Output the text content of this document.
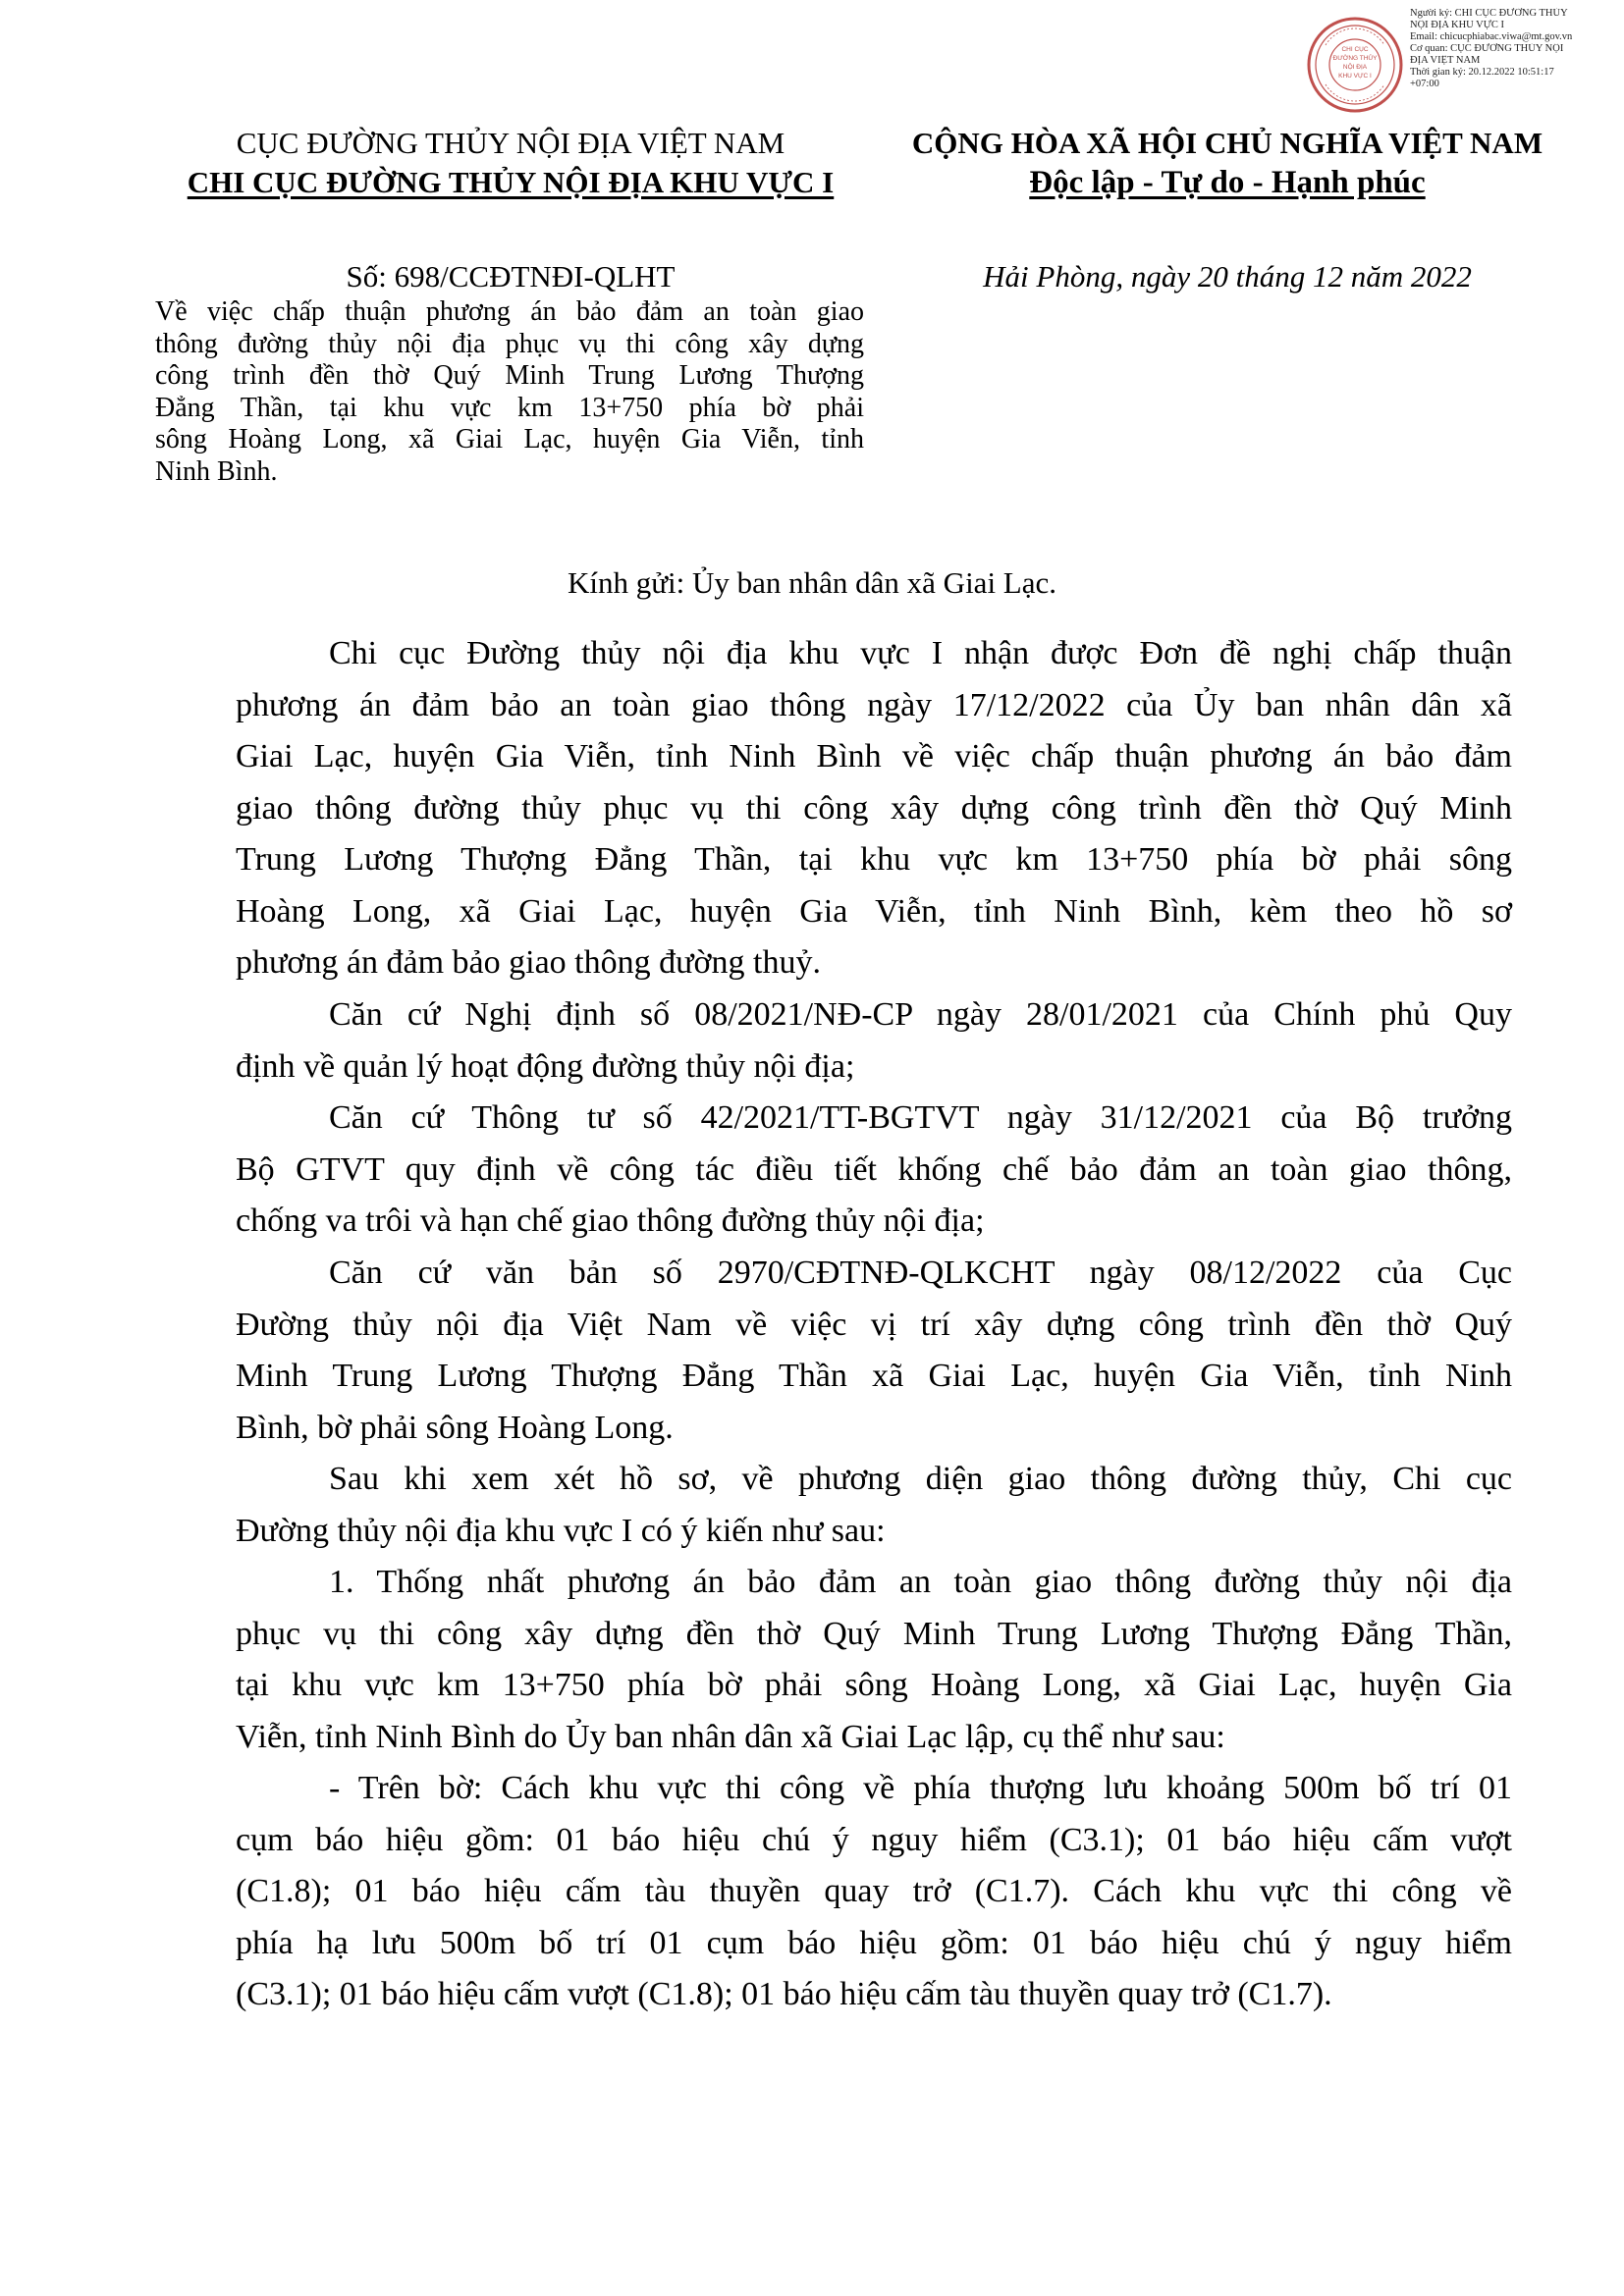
CHI CỤC
ĐƯỜNG THỦY
NỘI ĐỊA
KHU VỰC I
Người ký: CHI CỤC ĐƯỜNG THỦY
NỘI ĐỊA KHU VỰC I
Email: chicucphiabac.viwa@mt.gov.vn
Cơ quan: CỤC ĐƯỜNG THỦY NỘI
ĐỊA VIỆT NAM
Thời gian ký: 20.12.2022 10:51:17
+07:00
CỤC ĐƯỜNG THỦY NỘI ĐỊA VIỆT NAM
CHI CỤC ĐƯỜNG THỦY NỘI ĐỊA KHU VỰC I
CỘNG HÒA XÃ HỘI CHỦ NGHĨA VIỆT NAM
Độc lập - Tự do - Hạnh phúc
Số: 698/CCĐTNĐI-QLHT	Hải Phòng, ngày 20 tháng 12 năm 2022
Về việc chấp thuận phương án bảo đảm an toàn giao
thông đường thủy nội địa phục vụ thi công xây dựng
công trình đền thờ Quý Minh Trung Lương Thượng
Đẳng Thần, tại khu vực km 13+750 phía bờ phải
sông Hoàng Long, xã Giai Lạc, huyện Gia Viễn, tỉnh
Ninh Bình.
Kính gửi: Ủy ban nhân dân xã Giai Lạc.
Chi cục Đường thủy nội địa khu vực I nhận được Đơn đề nghị chấp thuận
phương án đảm bảo an toàn giao thông ngày 17/12/2022 của Ủy ban nhân dân xã
Giai Lạc, huyện Gia Viễn, tỉnh Ninh Bình về việc chấp thuận phương án bảo đảm
giao thông đường thủy phục vụ thi công xây dựng công trình đền thờ Quý Minh
Trung Lương Thượng Đẳng Thần, tại khu vực km 13+750 phía bờ phải sông
Hoàng Long, xã Giai Lạc, huyện Gia Viễn, tỉnh Ninh Bình, kèm theo hồ sơ
phương án đảm bảo giao thông đường thuỷ.
Căn cứ Nghị định số 08/2021/NĐ-CP ngày 28/01/2021 của Chính phủ Quy
định về quản lý hoạt động đường thủy nội địa;
Căn cứ Thông tư số 42/2021/TT-BGTVT ngày 31/12/2021 của Bộ trưởng
Bộ GTVT quy định về công tác điều tiết khống chế bảo đảm an toàn giao thông,
chống va trôi và hạn chế giao thông đường thủy nội địa;
Căn cứ văn bản số 2970/CĐTNĐ-QLKCHT ngày 08/12/2022 của Cục
Đường thủy nội địa Việt Nam về việc vị trí xây dựng công trình đền thờ Quý
Minh Trung Lương Thượng Đẳng Thần xã Giai Lạc, huyện Gia Viễn, tỉnh Ninh
Bình, bờ phải sông Hoàng Long.
Sau khi xem xét hồ sơ, về phương diện giao thông đường thủy, Chi cục
Đường thủy nội địa khu vực I có ý kiến như sau:
1. Thống nhất phương án bảo đảm an toàn giao thông đường thủy nội địa
phục vụ thi công xây dựng đền thờ Quý Minh Trung Lương Thượng Đẳng Thần,
tại khu vực km 13+750 phía bờ phải sông Hoàng Long, xã Giai Lạc, huyện Gia
Viễn, tỉnh Ninh Bình do Ủy ban nhân dân xã Giai Lạc lập, cụ thể như sau:
- Trên bờ: Cách khu vực thi công về phía thượng lưu khoảng 500m bố trí 01
cụm báo hiệu gồm: 01 báo hiệu chú ý nguy hiểm (C3.1); 01 báo hiệu cấm vượt
(C1.8); 01 báo hiệu cấm tàu thuyền quay trở (C1.7). Cách khu vực thi công về
phía hạ lưu 500m bố trí 01 cụm báo hiệu gồm: 01 báo hiệu chú ý nguy hiểm
(C3.1); 01 báo hiệu cấm vượt (C1.8); 01 báo hiệu cấm tàu thuyền quay trở (C1.7).
